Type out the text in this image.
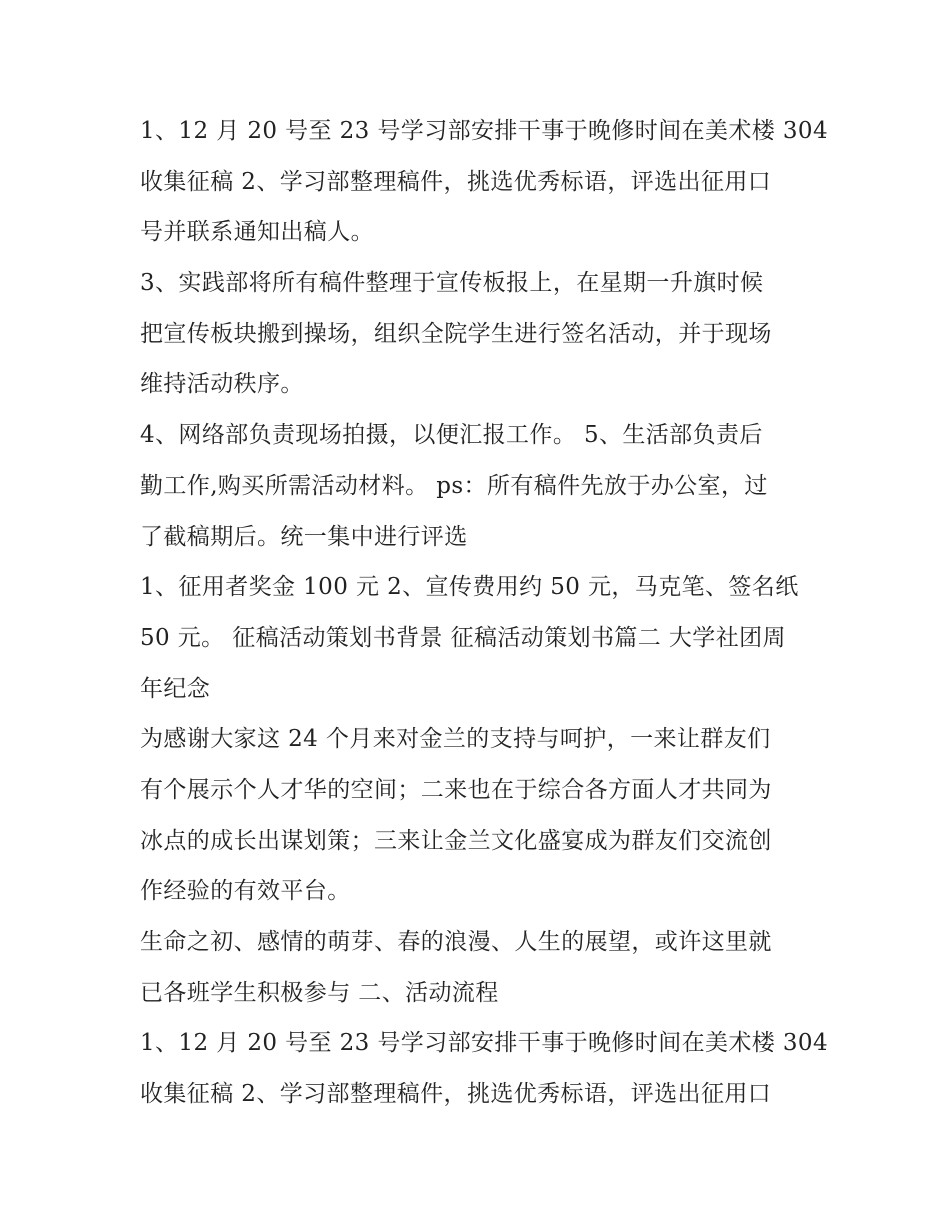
1、12 月 20 号至 23 号学习部安排干事于晚修时间在美术楼 304
收集征稿 2、学习部整理稿件，挑选优秀标语，评选出征用口
号并联系通知出稿人。
3、实践部将所有稿件整理于宣传板报上，在星期一升旗时候
把宣传板块搬到操场，组织全院学生进行签名活动，并于现场
维持活动秩序。
4、网络部负责现场拍摄，以便汇报工作。 5、生活部负责后
勤工作,购买所需活动材料。 ps：所有稿件先放于办公室，过
了截稿期后。统一集中进行评选
1、征用者奖金 100 元 2、宣传费用约 50 元，马克笔、签名纸
50 元。 征稿活动策划书背景 征稿活动策划书篇二 大学社团周
年纪念
为感谢大家这 24 个月来对金兰的支持与呵护，一来让群友们
有个展示个人才华的空间；二来也在于综合各方面人才共同为
冰点的成长出谋划策；三来让金兰文化盛宴成为群友们交流创
作经验的有效平台。
生命之初、感情的萌芽、春的浪漫、人生的展望，或许这里就
已各班学生积极参与 二、活动流程
1、12 月 20 号至 23 号学习部安排干事于晚修时间在美术楼 304
收集征稿 2、学习部整理稿件，挑选优秀标语，评选出征用口
